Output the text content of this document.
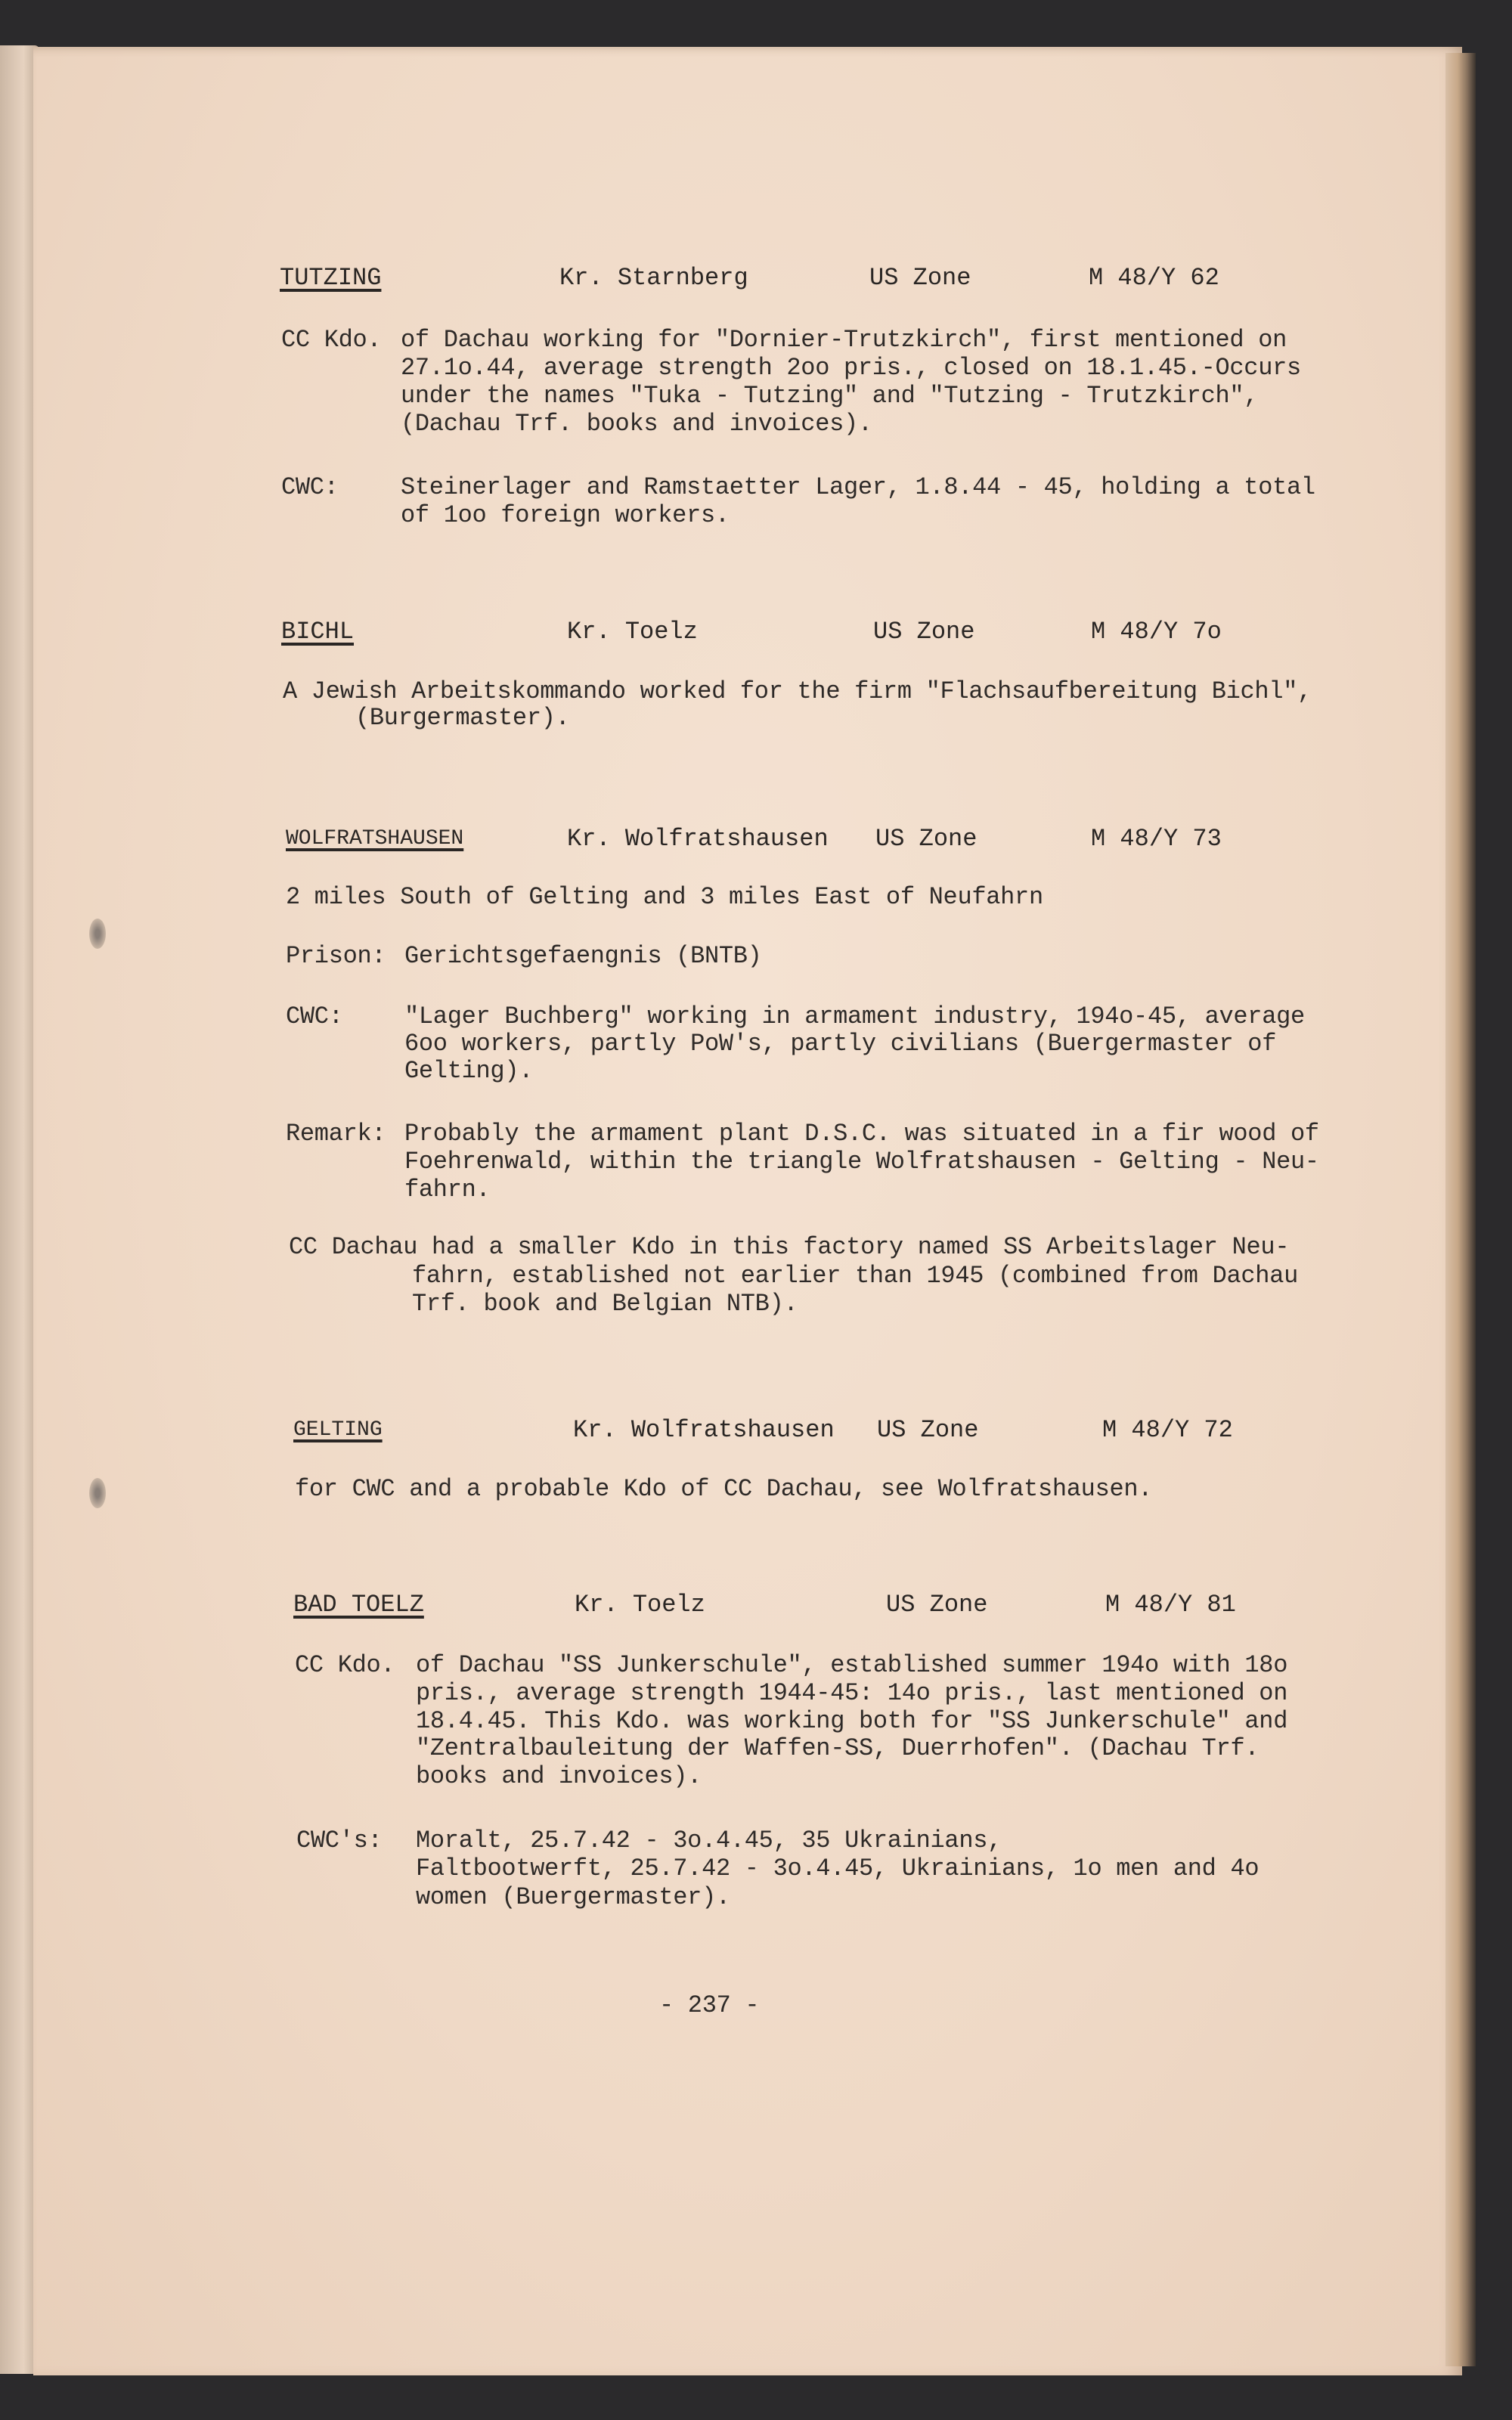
TUTZING	Kr. Starnberg	US Zone	M 48/Y 62
CC Kdo. of Dachau working for "Dornier-Trutzkirch", first mentioned on
27.1o.44, average strength 2oo pris., closed on 18.1.45.-Occurs
under the names "Tuka - Tutzing" and "Tutzing - Trutzkirch",
(Dachau Trf. books and invoices).
CWC:	Steinerlager and Ramstaetter Lager, 1.8.44 - 45, holding a total
of 1oo foreign workers.
BICHL	Kr. Toelz	US Zone	M 48/Y 7o
A Jewish Arbeitskommando worked for the firm "Flachsaufbereitung Bichl",
(Burgermaster).
WOLFRATSHAUSEN	Kr. Wolfratshausen US Zone	M 48/Y 73
2 miles South of Gelting and 3 miles East of Neufahrn
Prison: Gerichtsgefaengnis (BNTB)
CWC:	"Lager Buchberg" working in armament industry, 194o-45, average
6oo workers, partly PoW's, partly civilians (Buergermaster of
Gelting).
Remark: Probably the armament plant D.S.C. was situated in a fir wood of
Foehrenwald, within the triangle Wolfratshausen - Gelting - Neu-
fahrn.
CC Dachau had a smaller Kdo in this factory named SS Arbeitslager Neu-
fahrn, established not earlier than 1945 (combined from Dachau
Trf. book and Belgian NTB).
GELTING	Kr. Wolfratshausen US Zone	M 48/Y 72
for CWC and a probable Kdo of CC Dachau, see Wolfratshausen.
BAD TOELZ	Kr. Toelz	US Zone	M 48/Y 81
CC Kdo. of Dachau "SS Junkerschule", established summer 194o with 18o
pris., average strength 1944-45: 14o pris., last mentioned on
18.4.45. This Kdo. was working both for "SS Junkerschule" and
"Zentralbauleitung der Waffen-SS, Duerrhofen". (Dachau Trf.
books and invoices).
CWC's: Moralt, 25.7.42 - 3o.4.45, 35 Ukrainians,
Faltbootwerft, 25.7.42 - 3o.4.45, Ukrainians, 1o men and 4o
women (Buergermaster).
- 237 -
